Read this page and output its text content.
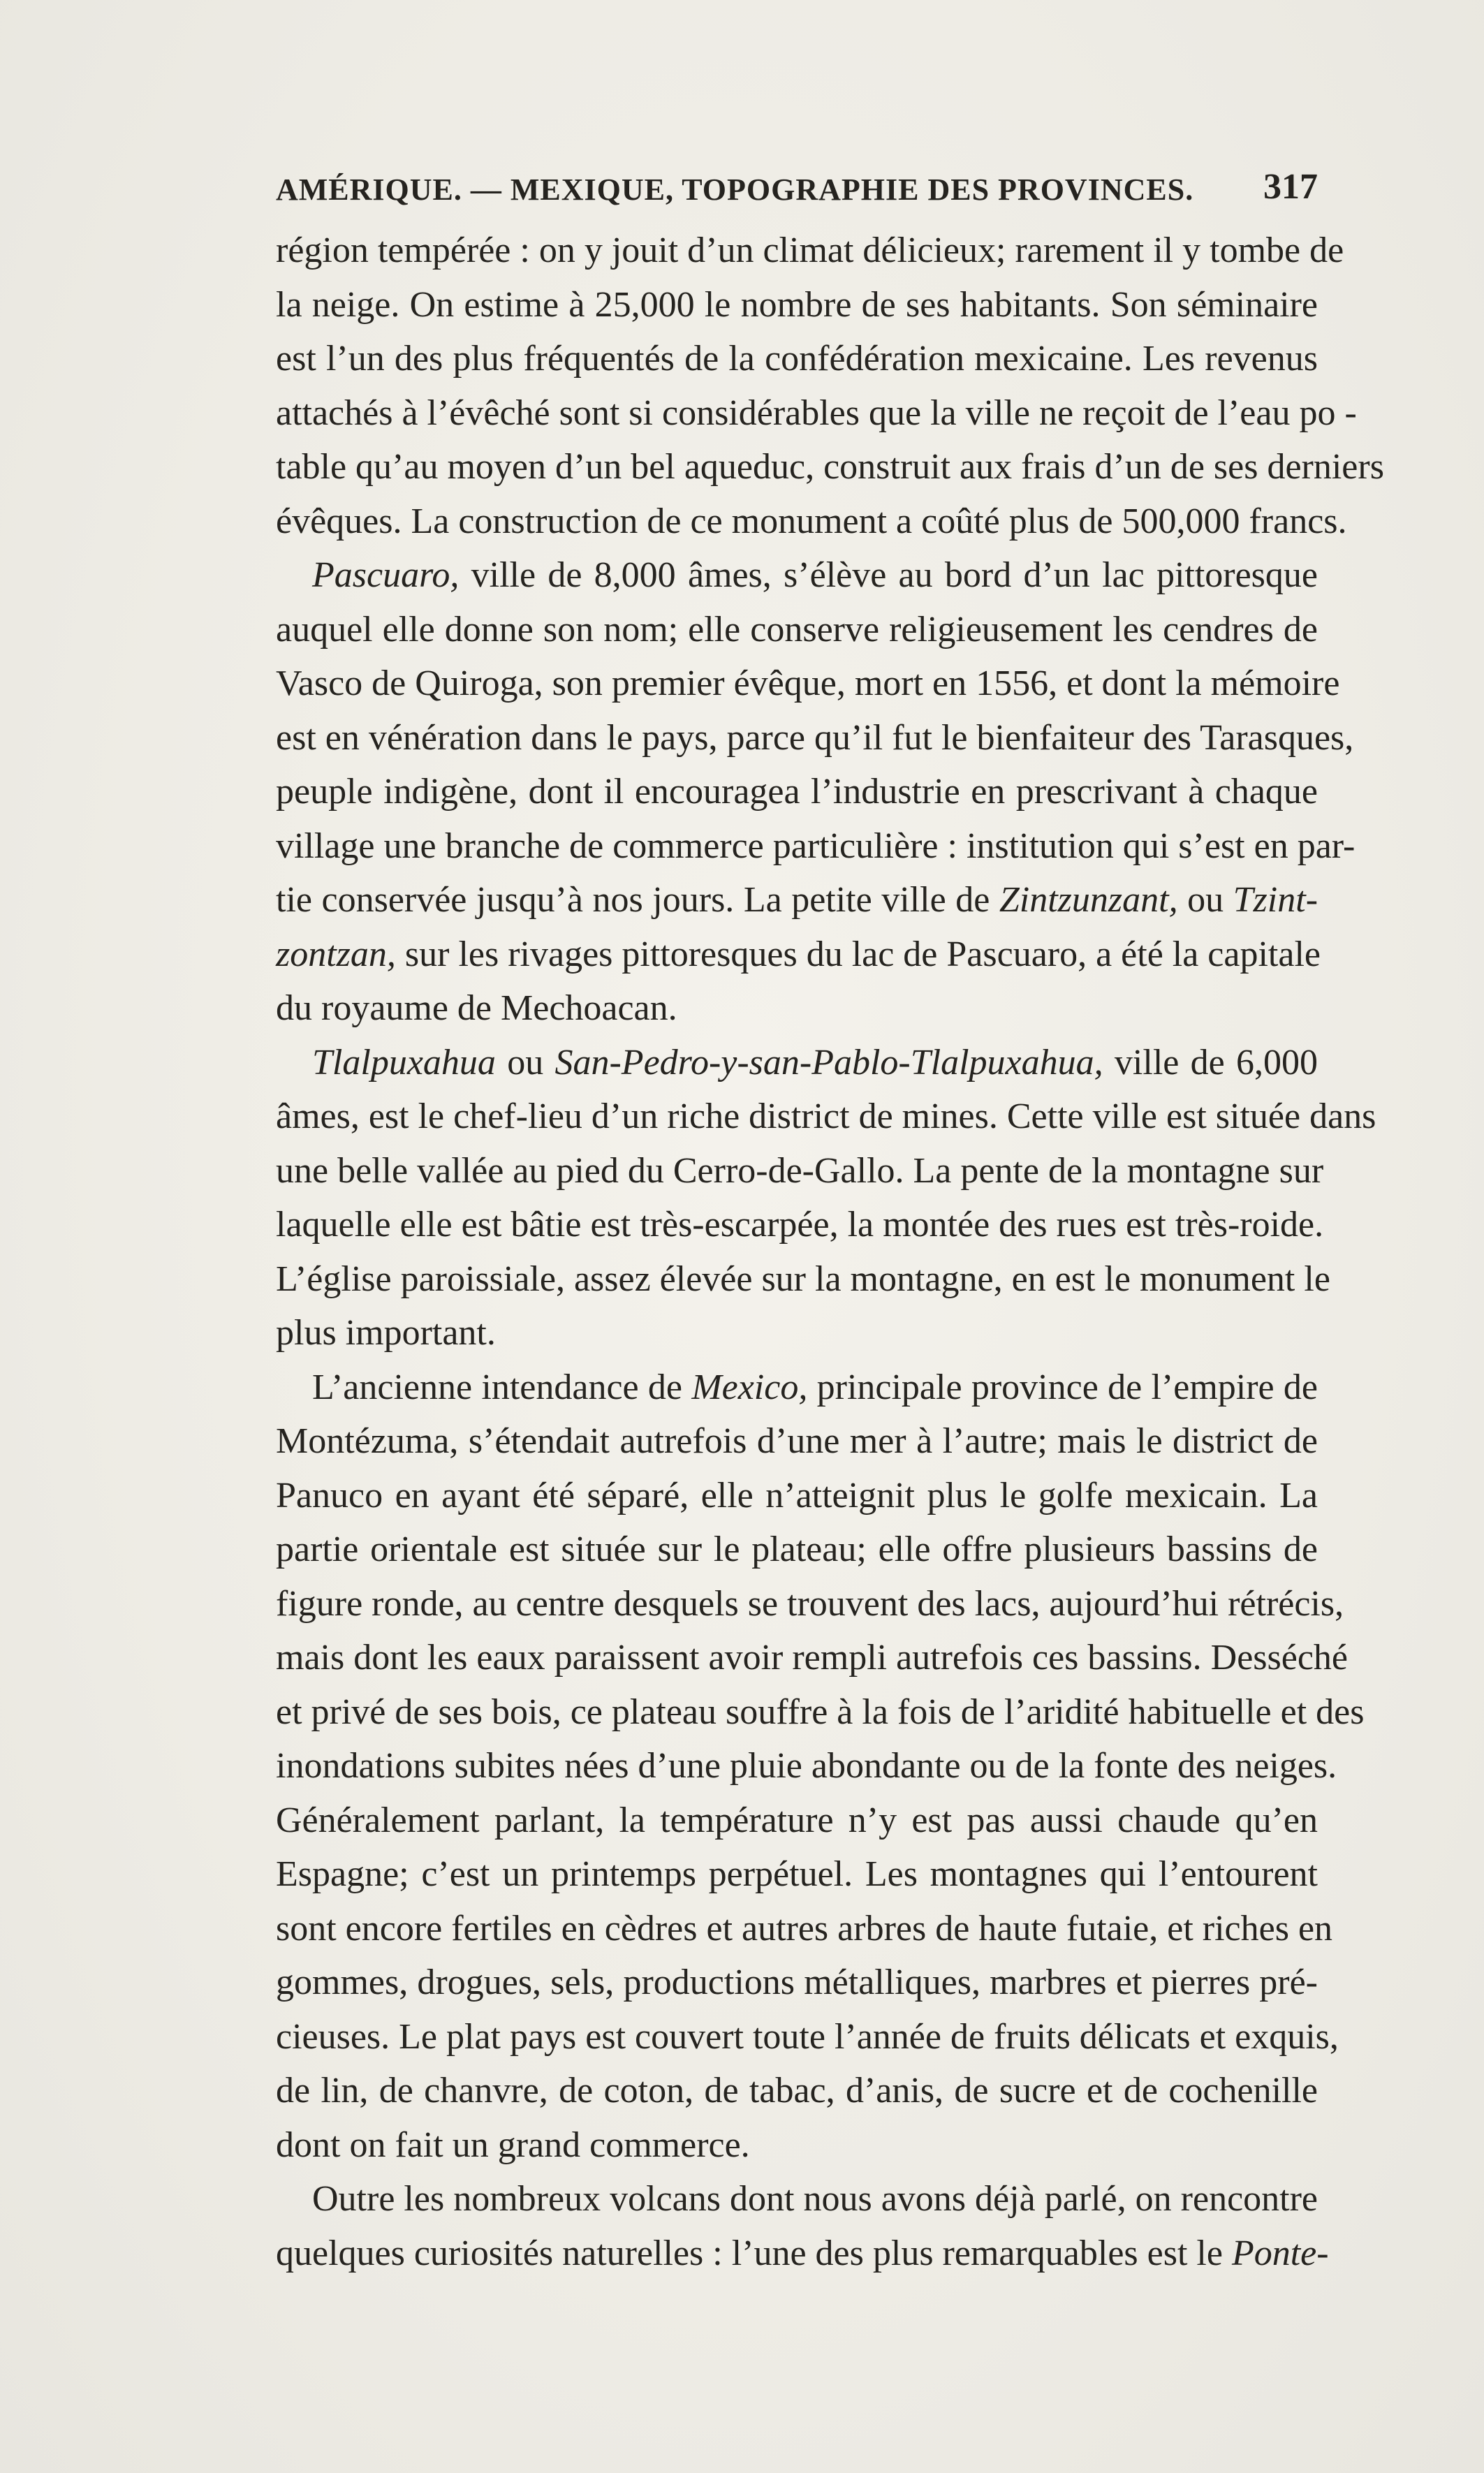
AMÉRIQUE. — MEXIQUE, TOPOGRAPHIE DES PROVINCES. 317
région tempérée : on y jouit d’un climat délicieux; rarement il y tombe de
la neige. On estime à 25,000 le nombre de ses habitants. Son séminaire
est l’un des plus fréquentés de la confédération mexicaine. Les revenus
attachés à l’évêché sont si considérables que la ville ne reçoit de l’eau po -
table qu’au moyen d’un bel aqueduc, construit aux frais d’un de ses derniers
évêques. La construction de ce monument a coûté plus de 500,000 francs.
Pascuaro, ville de 8,000 âmes, s’élève au bord d’un lac pittoresque
auquel elle donne son nom; elle conserve religieusement les cendres de
Vasco de Quiroga, son premier évêque, mort en 1556, et dont la mémoire
est en vénération dans le pays, parce qu’il fut le bienfaiteur des Tarasques,
peuple indigène, dont il encouragea l’industrie en prescrivant à chaque
village une branche de commerce particulière : institution qui s’est en par-
tie conservée jusqu’à nos jours. La petite ville de Zintzunzant, ou Tzint-
zontzan, sur les rivages pittoresques du lac de Pascuaro, a été la capitale
du royaume de Mechoacan.
Tlalpuxahua ou San-Pedro-y-san-Pablo-Tlalpuxahua, ville de 6,000
âmes, est le chef-lieu d’un riche district de mines. Cette ville est située dans
une belle vallée au pied du Cerro-de-Gallo. La pente de la montagne sur
laquelle elle est bâtie est très-escarpée, la montée des rues est très-roide.
L’église paroissiale, assez élevée sur la montagne, en est le monument le
plus important.
L’ancienne intendance de Mexico, principale province de l’empire de
Montézuma, s’étendait autrefois d’une mer à l’autre; mais le district de
Panuco en ayant été séparé, elle n’atteignit plus le golfe mexicain. La
partie orientale est située sur le plateau; elle offre plusieurs bassins de
figure ronde, au centre desquels se trouvent des lacs, aujourd’hui rétrécis,
mais dont les eaux paraissent avoir rempli autrefois ces bassins. Desséché
et privé de ses bois, ce plateau souffre à la fois de l’aridité habituelle et des
inondations subites nées d’une pluie abondante ou de la fonte des neiges.
Généralement parlant, la température n’y est pas aussi chaude qu’en
Espagne; c’est un printemps perpétuel. Les montagnes qui l’entourent
sont encore fertiles en cèdres et autres arbres de haute futaie, et riches en
gommes, drogues, sels, productions métalliques, marbres et pierres pré-
cieuses. Le plat pays est couvert toute l’année de fruits délicats et exquis,
de lin, de chanvre, de coton, de tabac, d’anis, de sucre et de cochenille
dont on fait un grand commerce.
Outre les nombreux volcans dont nous avons déjà parlé, on rencontre
quelques curiosités naturelles : l’une des plus remarquables est le Ponte-
